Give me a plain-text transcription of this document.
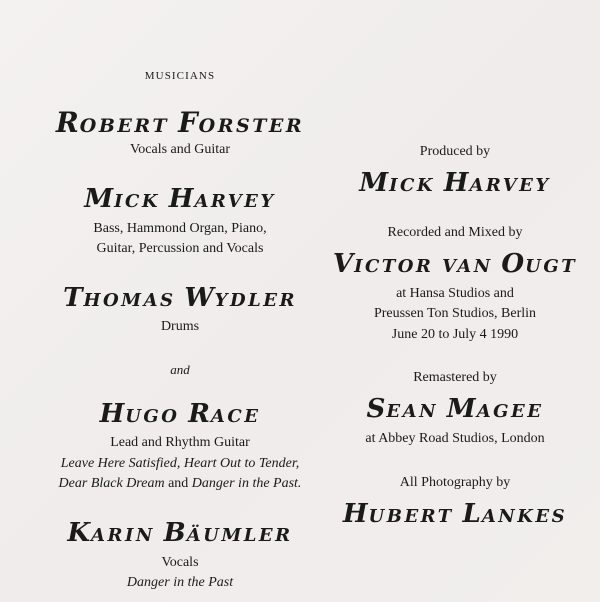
MUSICIANS
ROBERT FORSTER
Vocals and Guitar
MICK HARVEY
Bass, Hammond Organ, Piano,
Guitar, Percussion and Vocals
THOMAS WYDLER
Drums
and
HUGO RACE
Lead and Rhythm Guitar
Leave Here Satisfied, Heart Out to Tender,
Dear Black Dream and Danger in the Past.
KARIN BÄUMLER
Vocals
Danger in the Past
Produced by
MICK HARVEY
Recorded and Mixed by
VICTOR VAN OUGT
at Hansa Studios and
Preussen Ton Studios, Berlin
June 20 to July 4 1990
Remastered by
SEAN MAGEE
at Abbey Road Studios, London
All Photography by
HUBERT LANKES
